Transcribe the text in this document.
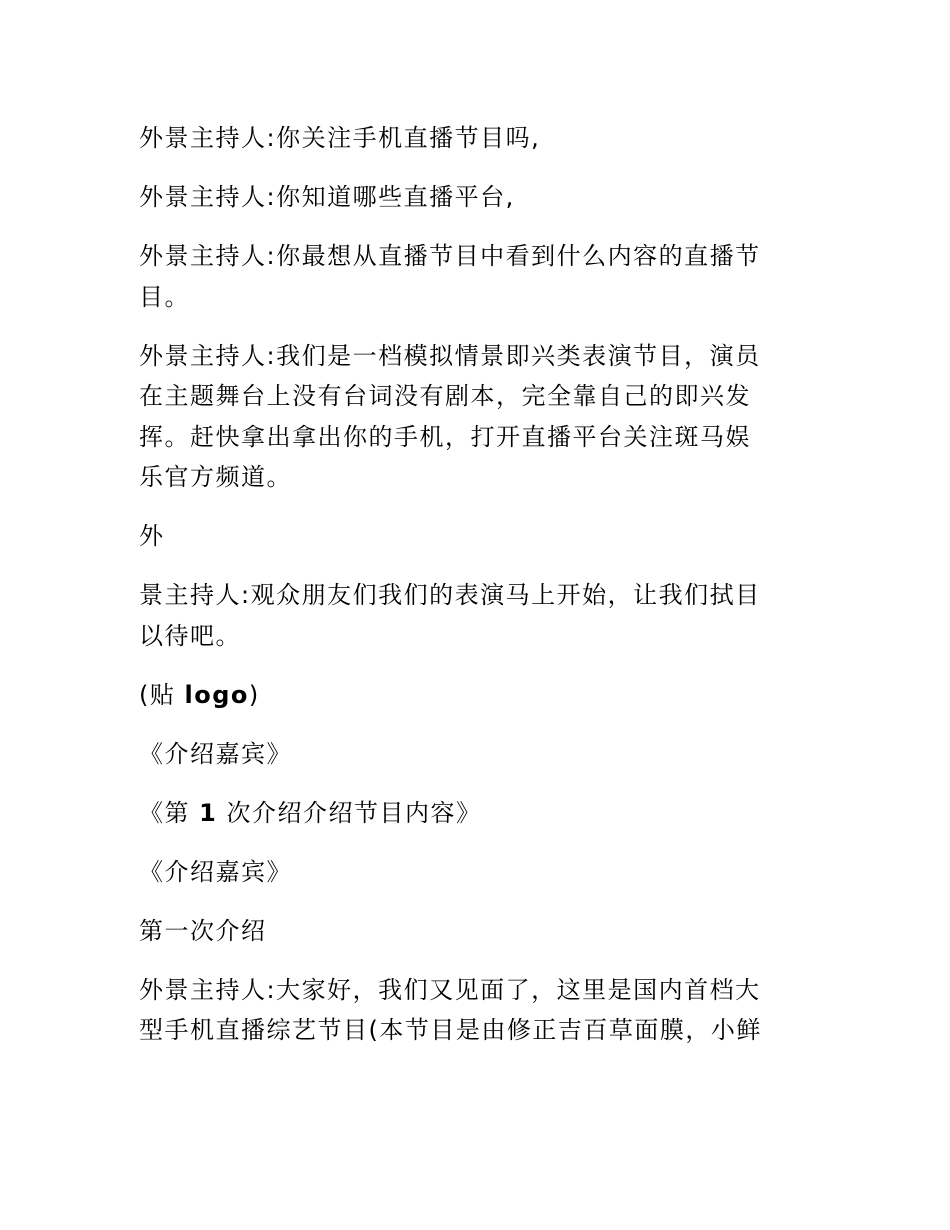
外景主持人:你关注手机直播节目吗,

外景主持人:你知道哪些直播平台,

外景主持人:你最想从直播节目中看到什么内容的直播节
目。

外景主持人:我们是一档模拟情景即兴类表演节目，演员
在主题舞台上没有台词没有剧本，完全靠自己的即兴发
挥。赶快拿出拿出你的手机，打开直播平台关注斑马娱
乐官方频道。

外

景主持人:观众朋友们我们的表演马上开始，让我们拭目
以待吧。

(贴 logo)

《介绍嘉宾》

《第 1 次介绍介绍节目内容》

《介绍嘉宾》

第一次介绍

外景主持人:大家好，我们又见面了，这里是国内首档大
型手机直播综艺节目(本节目是由修正吉百草面膜，小鲜
